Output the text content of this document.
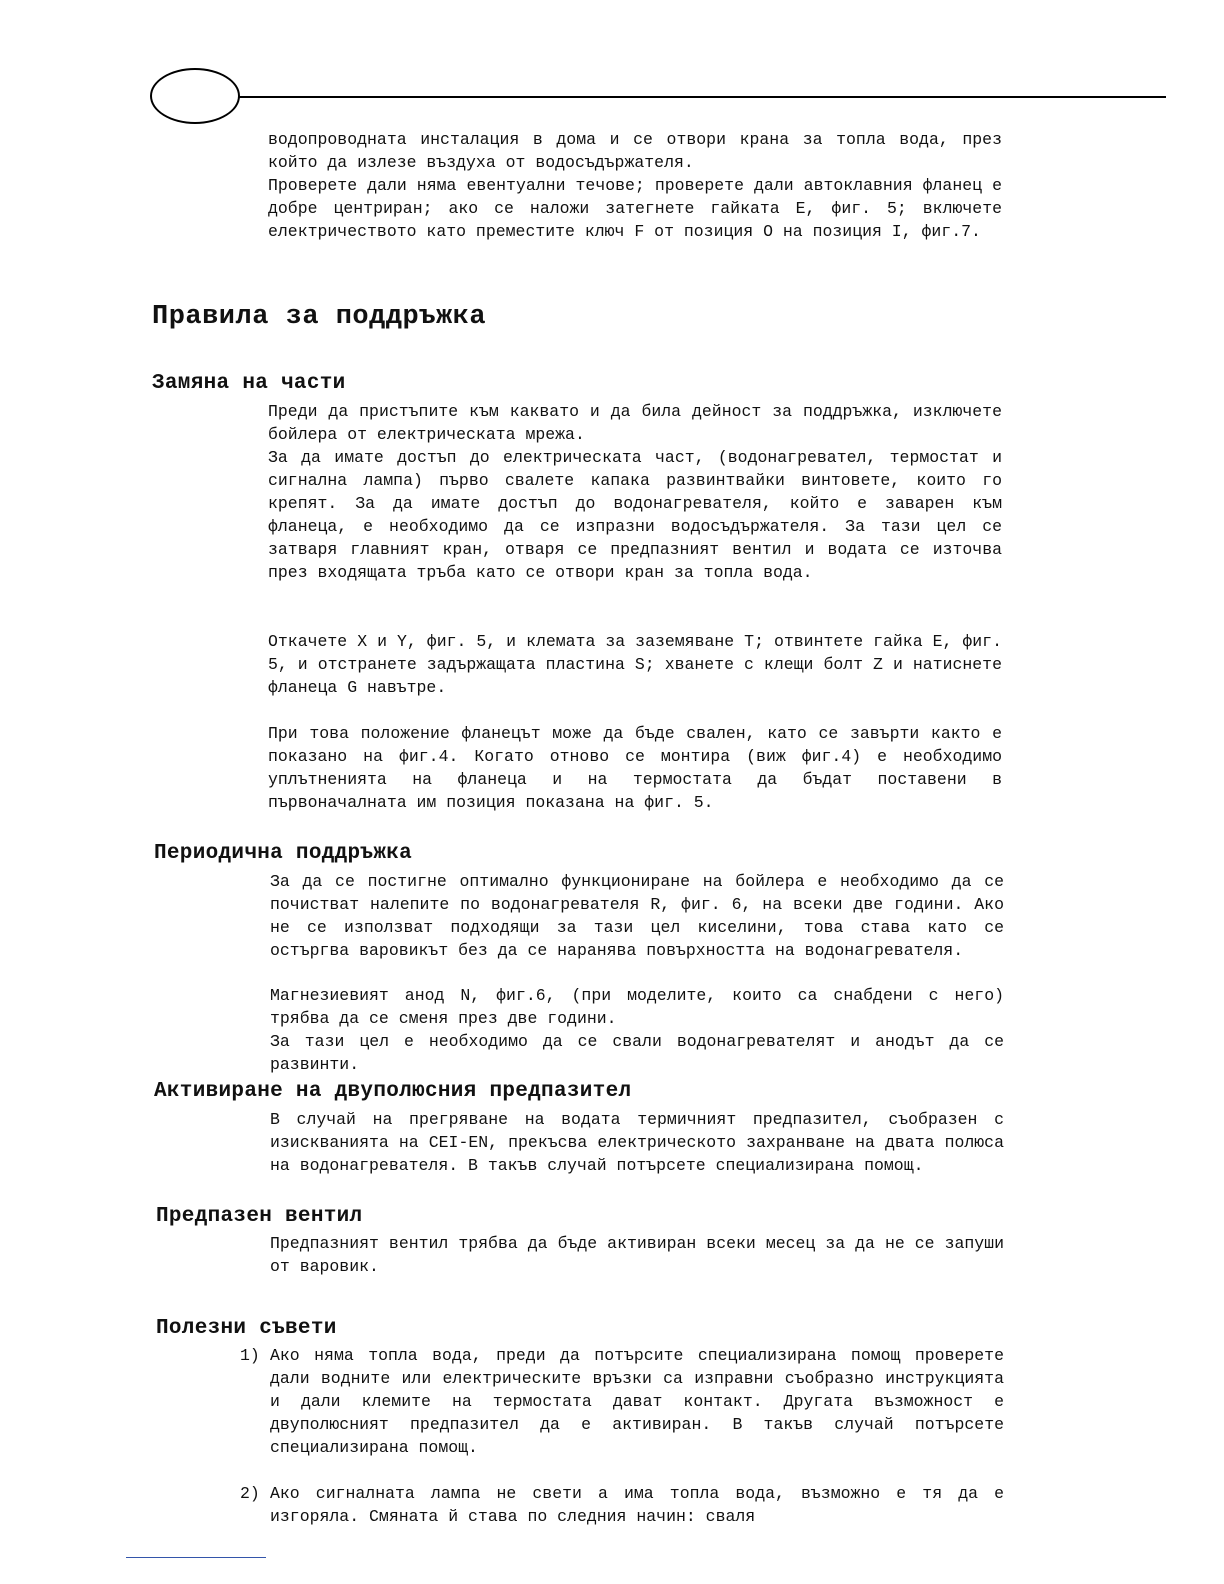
водопроводната инсталация в дома и се отвори крана за топла вода, през който да излезе въздуха от водосъдържателя.

Проверете дали няма евентуални течове; проверете дали автоклавния фланец е добре центриран; ако се наложи затегнете гайката E, фиг. 5; включете електричеството като преместите ключ F от позиция O на позиция I, фиг.7.

Правила за поддръжка
Замяна на части

Преди да пристъпите към каквато и да била дейност за поддръжка, изключете бойлера от електрическата мрежа.

За да имате достъп до електрическата част, (водонагревател, термостат и сигнална лампа) първо свалете капака развинтвайки винтовете, които го крепят. За да имате достъп до водонагревателя, който е заварен към фланеца, е необходимо да се изпразни водосъдържателя. За тази цел се затваря главният кран, отваря се предпазният вентил и водата се източва през входящата тръба като се отвори кран за топла вода.

Откачете X и Y, фиг. 5, и клемата за заземяване T; отвинтете гайка E, фиг. 5, и отстранете задържащата пластина S; хванете с клещи болт Z и натиснете фланеца G навътре.

При това положение фланецът може да бъде свален, като се завърти както е показано на фиг.4. Когато отново се монтира (виж фиг.4) е необходимо уплътненията на фланеца и на термостата да бъдат поставени в първоначалната им позиция показана на фиг. 5.

Периодична поддръжка

За да се постигне оптимално функциониране на бойлера е необходимо да се почистват налепите по водонагревателя R, фиг. 6, на всеки две години. Ако не се използват подходящи за тази цел киселини, това става като се остъргва варовикът без да се наранява повърхността на водонагревателя.

Магнезиевият анод N, фиг.6, (при моделите, които са снабдени с него) трябва да се сменя през две години.

За тази цел е необходимо да се свали водонагревателят и анодът да се развинти.

Активиране на двуполюсния предпазител

В случай на прегряване на водата термичният предпазител, съобразен с изискванията на CEI-EN, прекъсва електрическото захранване на двата полюса на водонагревателя. В такъв случай потърсете специализирана помощ.

Предпазен вентил

Предпазният вентил трябва да бъде активиран всеки месец за да не се запуши от варовик.

Полезни съвети
1) Ако няма топла вода, преди да потърсите специализирана помощ проверете дали водните или електрическите връзки са изправни съобразно инструкцията и дали клемите на термостата дават контакт. Другата възможност е двуполюсният предпазител да е активиран. В такъв случай потърсете специализирана помощ.

2) Ако сигналната лампа не свети а има топла вода, възможно е тя да е изгоряла. Смяната й става по следния начин: сваля
